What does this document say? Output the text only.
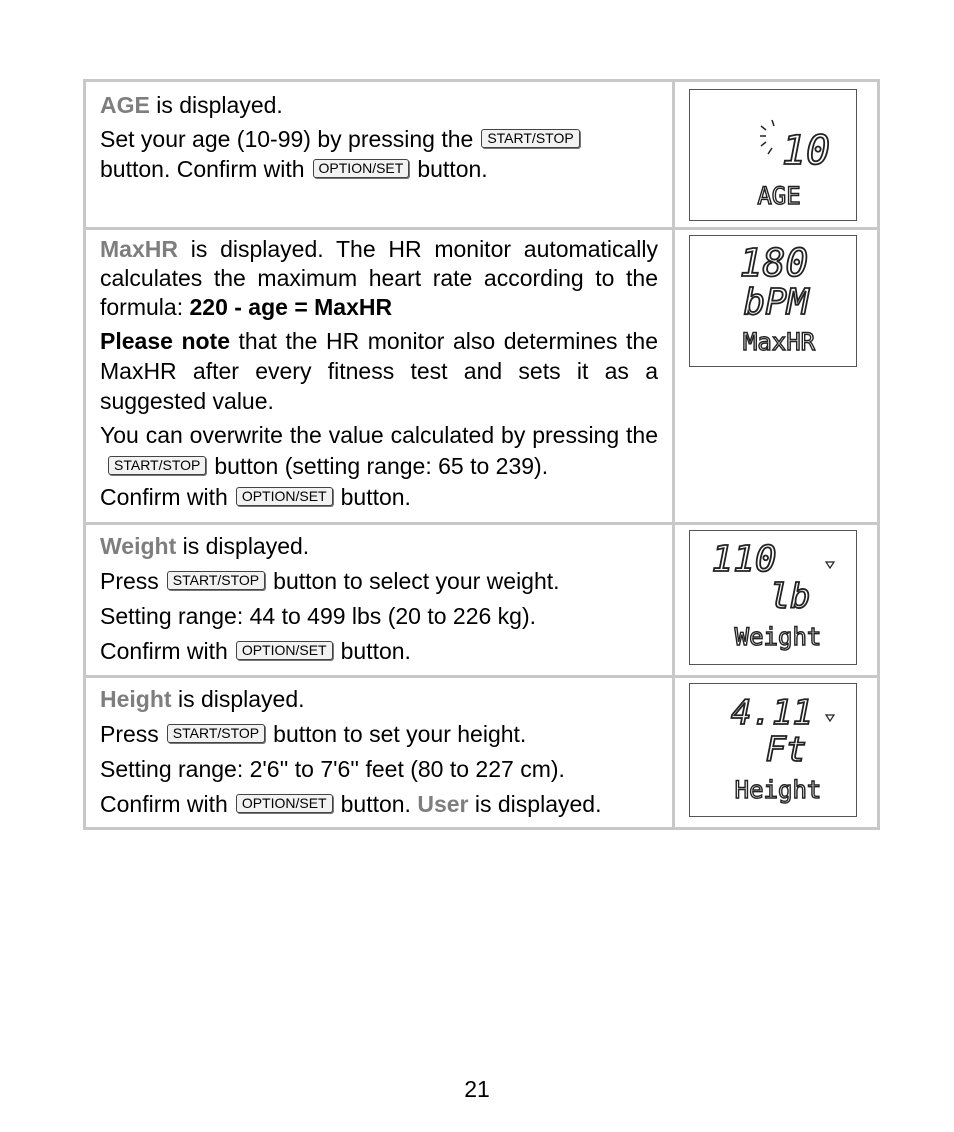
AGE is displayed.

Set your age (10-99) by pressing the START/STOP

button. Confirm with OPTION/SET button.	10
AGE

MaxHR is displayed. The HR monitor automatically calculates the maximum heart rate according to the formula: 220 - age = MaxHR

Please note that the HR monitor also determines the MaxHR after every fitness test and sets it as a suggested value.

You can overwrite the value calculated by pressing theSTART/STOP button (setting range: 65 to 239).

Confirm with OPTION/SET button.

180
bPM
MaxHR

Weight is displayed.

Press START/STOP button to select your weight.

Setting range: 44 to 499 lbs (20 to 226 kg).

Confirm with OPTION/SET button.

110
lb
Weight

Height is displayed.

Press START/STOP button to set your height.

Setting range: 2'6'' to 7'6'' feet (80 to 227 cm).

Confirm with OPTION/SET button. User is displayed.

4.11
Ft
Height
21
